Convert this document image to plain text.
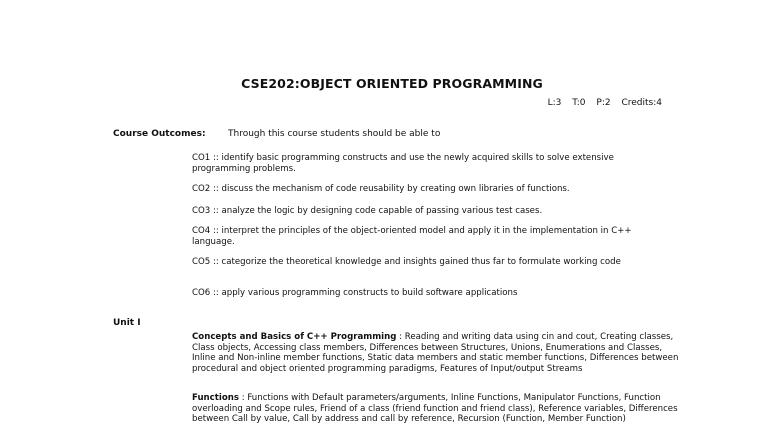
CSE202:OBJECT ORIENTED PROGRAMMING
L:3 T:0 P:2 Credits:4
Course Outcomes: Through this course students should be able to
CO1 :: identify basic programming constructs and use the newly acquired skills to solve extensive programming problems.
CO2 :: discuss the mechanism of code reusability by creating own libraries of functions.
CO3 :: analyze the logic by designing code capable of passing various test cases.
CO4 :: interpret the principles of the object-oriented model and apply it in the implementation in C++ language.
CO5 :: categorize the theoretical knowledge and insights gained thus far to formulate working code
CO6 :: apply various programming constructs to build software applications
Unit I
Concepts and Basics of C++ Programming : Reading and writing data using cin and cout, Creating classes, Class objects, Accessing class members, Differences between Structures, Unions, Enumerations and Classes, Inline and Non-inline member functions, Static data members and static member functions, Differences between procedural and object oriented programming paradigms, Features of Input/output Streams
Functions : Functions with Default parameters/arguments, Inline Functions, Manipulator Functions, Function overloading and Scope rules, Friend of a class (friend function and friend class), Reference variables, Differences between Call by value, Call by address and call by reference, Recursion (Function, Member Function)
